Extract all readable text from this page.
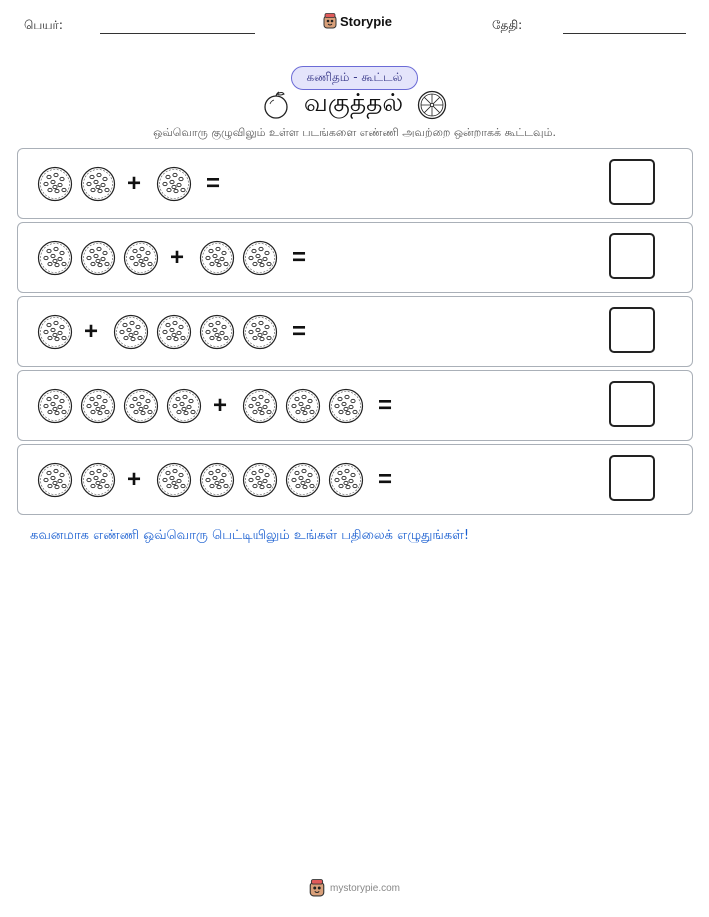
பெயர்:	Storypie	தேதி:
கணிதம் - கூட்டல்
வகுத்தல்
ஒவ்வொரு குழுவிலும் உள்ள படங்களை எண்ணி அவற்றை ஒன்றாகக் கூட்டவும்.
+	=
+	=
+	=
+	=
+	=
கவனமாக எண்ணி ஒவ்வொரு பெட்டியிலும் உங்கள் பதிலைக் எழுதுங்கள்!
mystorypie.com
